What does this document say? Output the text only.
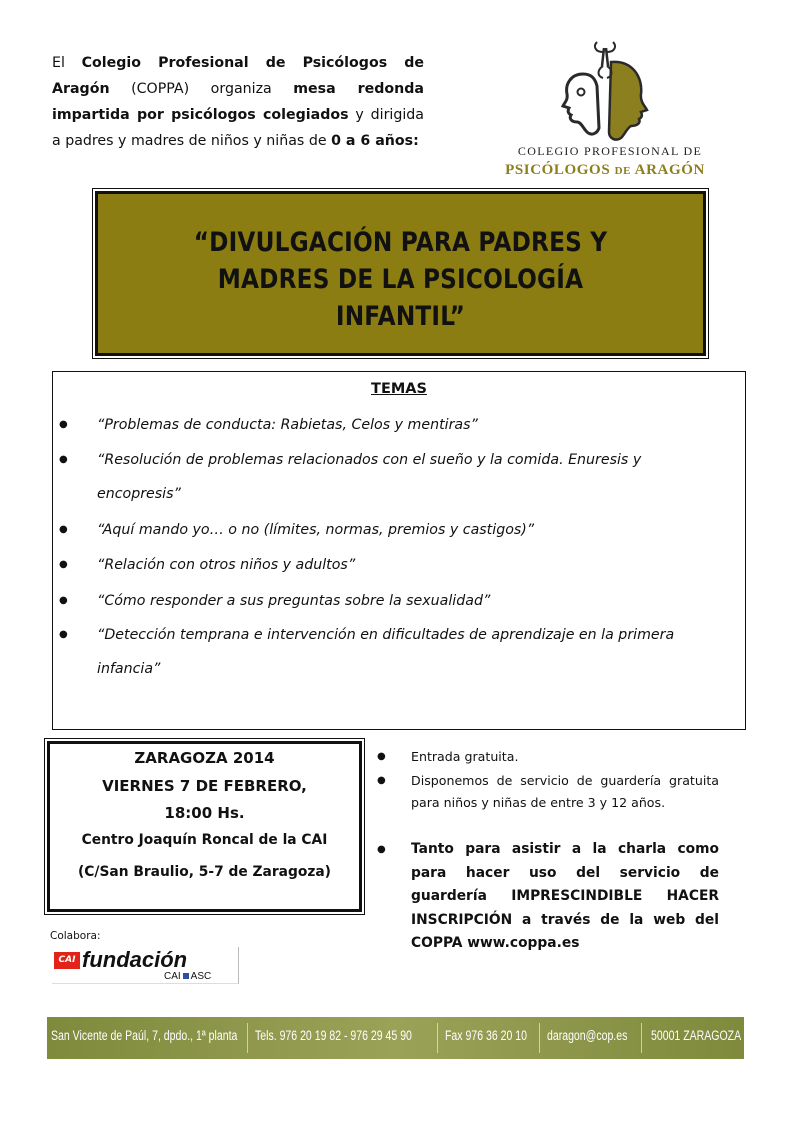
El Colegio Profesional de Psicólogos de Aragón (COPPA) organiza mesa redonda impartida por psicólogos colegiados y dirigida a padres y madres de niños y niñas de 0 a 6 años:
COLEGIO PROFESIONAL DE
PSICÓLOGOS DE ARAGÓN
“DIVULGACIÓN PARA PADRES Y
MADRES DE LA PSICOLOGÍA
INFANTIL”
TEMAS
● “Problemas de conducta: Rabietas, Celos y mentiras”
● “Resolución de problemas relacionados con el sueño y la comida. Enuresis y
encopresis”
● “Aquí mando yo… o no (límites, normas, premios y castigos)”
● “Relación con otros niños y adultos”
● “Cómo responder a sus preguntas sobre la sexualidad”
● “Detección temprana e intervención en dificultades de aprendizaje en la primera
infancia”
ZARAGOZA 2014
VIERNES 7 DE FEBRERO,
18:00 Hs.
Centro Joaquín Roncal de la CAI
(C/San Braulio, 5-7 de Zaragoza)
● Entrada gratuita.
● Disponemos de servicio de guardería gratuita para niños y niñas de entre 3 y 12 años.
● Tanto para asistir a la charla como para hacer uso del servicio de guardería IMPRESCINDIBLE HACER INSCRIPCIÓN a través de la web del COPPA www.coppa.es
Colabora:
CAI fundación
CAI ASC
San Vicente de Paúl, 7, dpdo., 1ª planta Tels. 976 20 19 82 - 976 29 45 90 Fax 976 36 20 10 daragon@cop.es 50001 ZARAGOZA
